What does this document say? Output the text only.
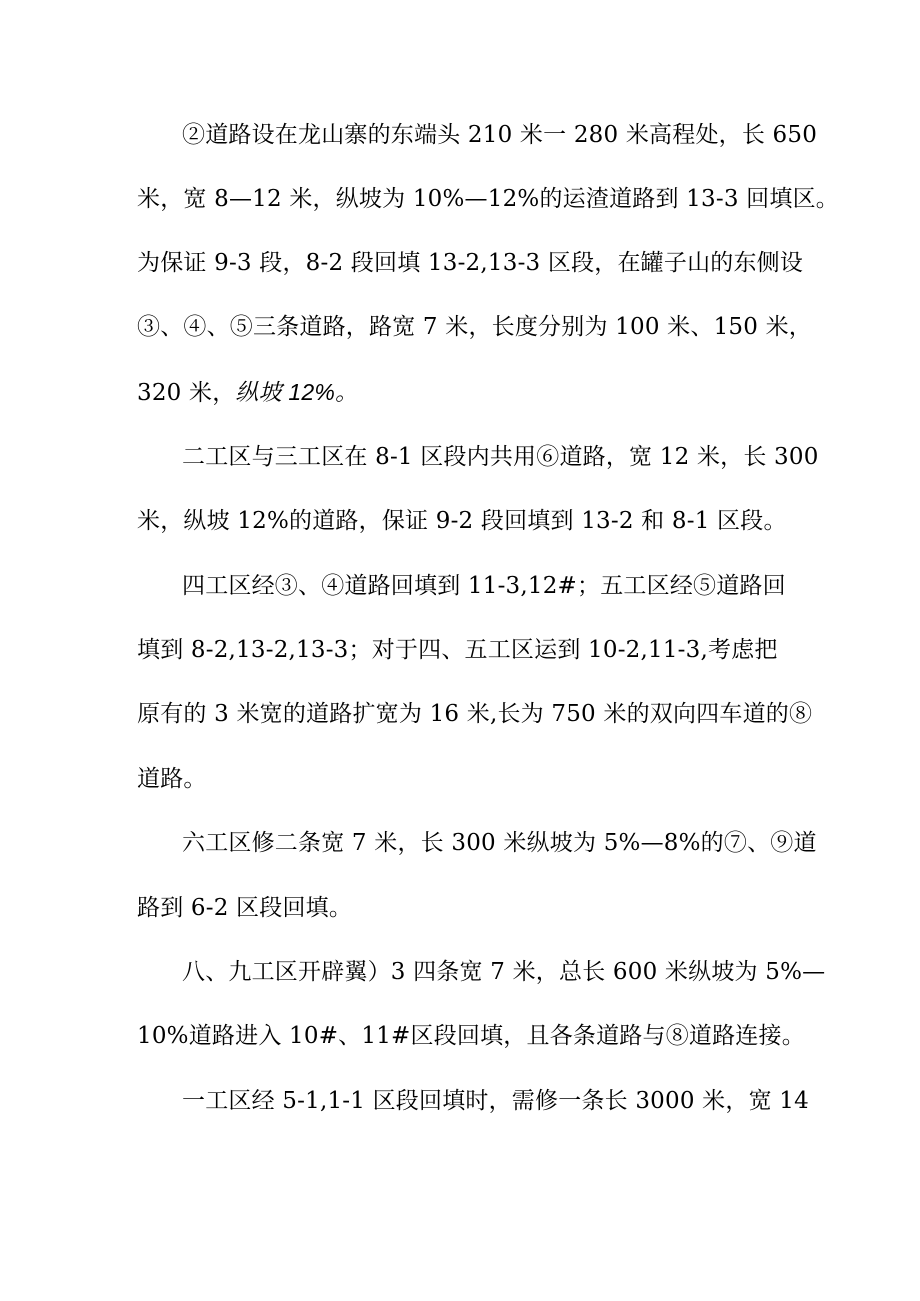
②道路设在龙山寨的东端头 210 米一 280 米高程处，长 650
米，宽 8—12 米，纵坡为 10%—12%的运渣道路到 13-3 回填区。
为保证 9-3 段，8-2 段回填 13-2,13-3 区段，在罐子山的东侧设
③、④、⑤三条道路，路宽 7 米，长度分别为 100 米、150 米，
320 米，纵坡 12%。
二工区与三工区在 8-1 区段内共用⑥道路，宽 12 米，长 300
米，纵坡 12%的道路，保证 9-2 段回填到 13-2 和 8-1 区段。
四工区经③、④道路回填到 11-3,12#；五工区经⑤道路回
填到 8-2,13-2,13-3；对于四、五工区运到 10-2,11-3,考虑把
原有的 3 米宽的道路扩宽为 16 米,长为 750 米的双向四车道的⑧
道路。
六工区修二条宽 7 米，长 300 米纵坡为 5%—8%的⑦、⑨道
路到 6-2 区段回填。
八、九工区开辟翼）3 四条宽 7 米，总长 600 米纵坡为 5%—
10%道路进入 10#、11#区段回填，且各条道路与⑧道路连接。
一工区经 5-1,1-1 区段回填时，需修一条长 3000 米，宽 14
